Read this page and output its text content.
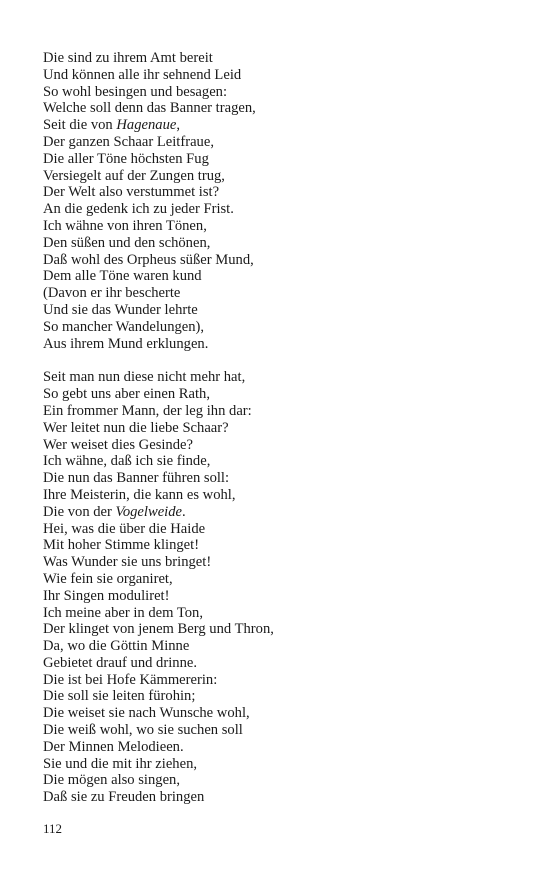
Die sind zu ihrem Amt bereit
Und können alle ihr sehnend Leid
So wohl besingen und besagen:
Welche soll denn das Banner tragen,
Seit die von Hagenaue,
Der ganzen Schaar Leitfraue,
Die aller Töne höchsten Fug
Versiegelt auf der Zungen trug,
Der Welt also verstummet ist?
An die gedenk ich zu jeder Frist.
Ich wähne von ihren Tönen,
Den süßen und den schönen,
Daß wohl des Orpheus süßer Mund,
Dem alle Töne waren kund
(Davon er ihr bescherte
Und sie das Wunder lehrte
So mancher Wandelungen),
Aus ihrem Mund erklungen.
Seit man nun diese nicht mehr hat,
So gebt uns aber einen Rath,
Ein frommer Mann, der leg ihn dar:
Wer leitet nun die liebe Schaar?
Wer weiset dies Gesinde?
Ich wähne, daß ich sie finde,
Die nun das Banner führen soll:
Ihre Meisterin, die kann es wohl,
Die von der Vogelweide.
Hei, was die über die Haide
Mit hoher Stimme klinget!
Was Wunder sie uns bringet!
Wie fein sie organiret,
Ihr Singen moduliret!
Ich meine aber in dem Ton,
Der klinget von jenem Berg und Thron,
Da, wo die Göttin Minne
Gebietet drauf und drinne.
Die ist bei Hofe Kämmererin:
Die soll sie leiten fürohin;
Die weiset sie nach Wunsche wohl,
Die weiß wohl, wo sie suchen soll
Der Minnen Melodieen.
Sie und die mit ihr ziehen,
Die mögen also singen,
Daß sie zu Freuden bringen
112
